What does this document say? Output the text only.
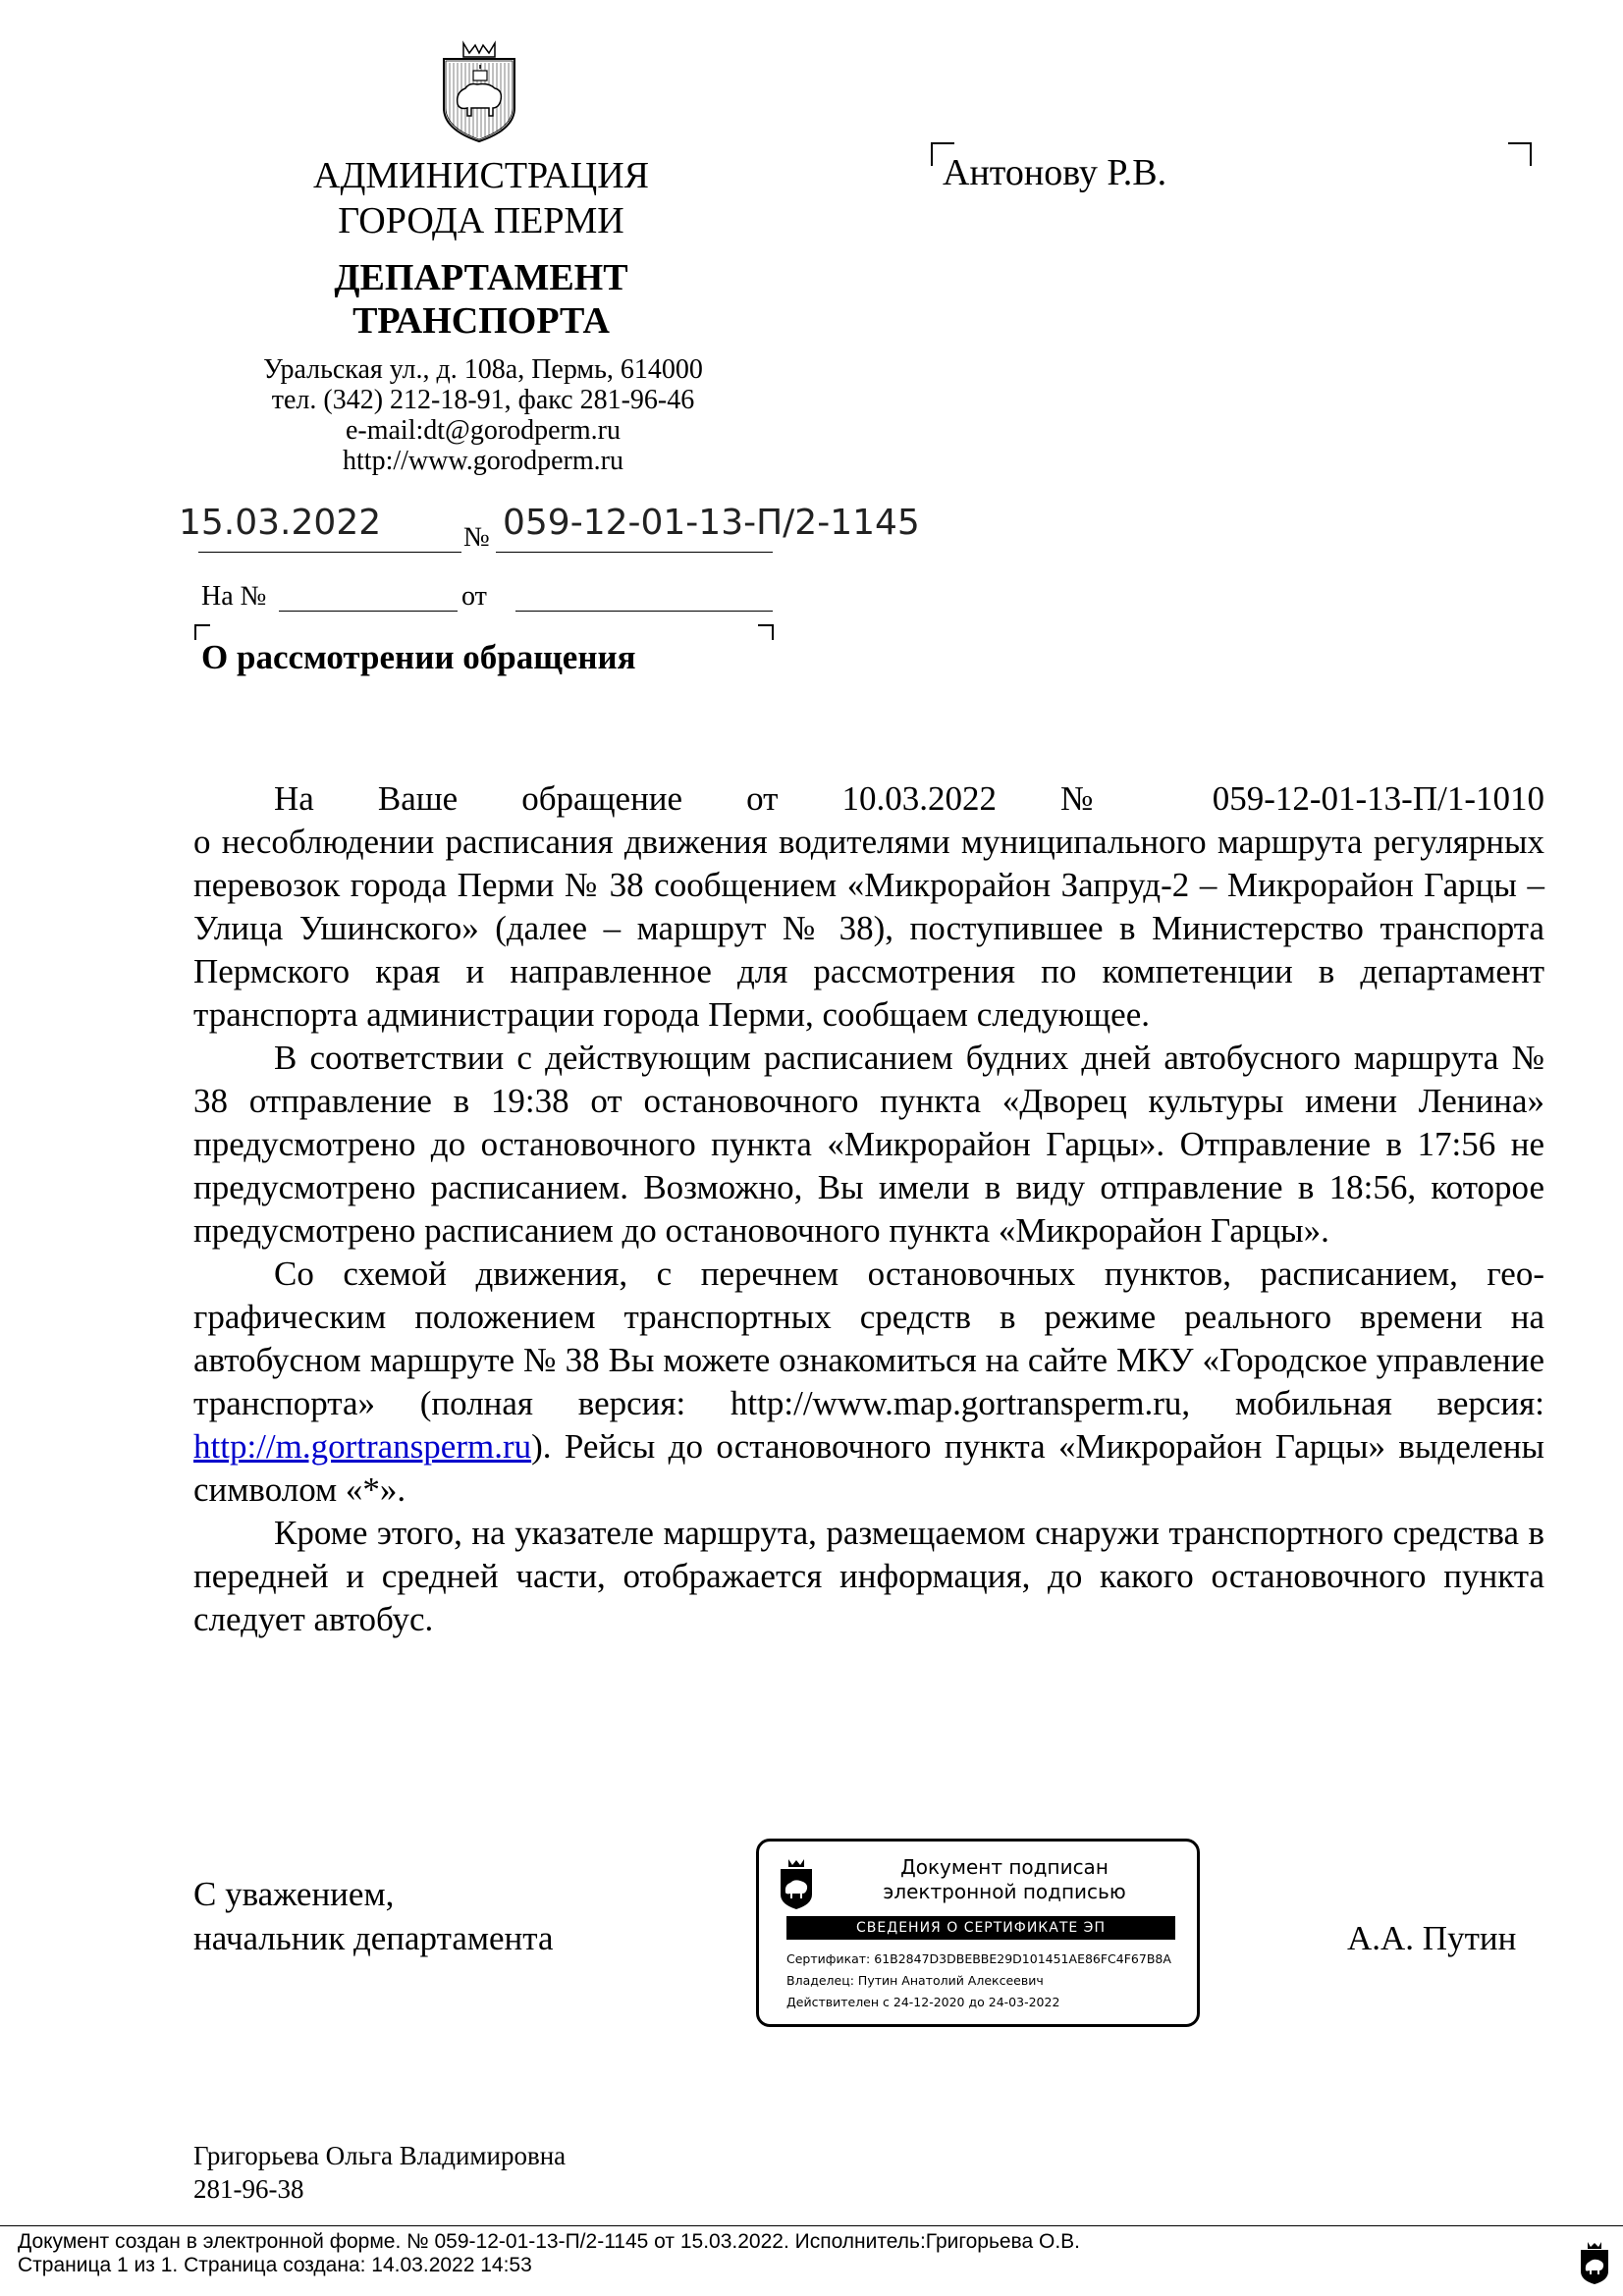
АДМИНИСТРАЦИЯ
ГОРОДА ПЕРМИ
ДЕПАРТАМЕНТ
ТРАНСПОРТА
Уральская ул., д. 108а, Пермь, 614000
тел. (342) 212-18-91, факс 281-96-46
e-mail:dt@gorodperm.ru
http://www.gorodperm.ru
Антонову Р.В.
15.03.2022	№ 059-12-01-13-П/2-1145
На №	от
О рассмотрении обращения

На Ваше обращение от 10.03.2022 № 059-12-01-13-П/1-1010

о несоблюдении расписания движения водителями муниципального маршрута регулярных перевозок города Перми № 38 сообщением «Микрорайон Запруд-2 – Микрорайон Гарцы – Улица Ушинского» (далее – маршрут № 38), поступившее в Министерство транспорта Пермского края и направленное для рассмотрения по компетенции в департамент транспорта администрации города Перми, сообщаем следующее.

В соответствии с действующим расписанием будних дней автобусного маршрута № 38 отправление в 19:38 от остановочного пункта «Дворец культуры имени Ленина» предусмотрено до остановочного пункта «Микрорайон Гарцы». Отправление в 17:56 не предусмотрено расписанием. Возможно, Вы имели в виду отправление в 18:56, которое предусмотрено расписанием до остановочного пункта «Микрорайон Гарцы».

Со схемой движения, с перечнем остановочных пунктов, расписанием, географическим положением транспортных средств в режиме реального времени на автобусном маршруте № 38 Вы можете ознакомиться на сайте МКУ «Городское управление транспорта» (полная версия: http://www.map.gortransperm.ru, мобильная версия: http://m.gortransperm.ru). Рейсы до остановочного пункта «Микрорайон Гарцы» выделены символом «*».

Кроме этого, на указателе маршрута, размещаемом снаружи транспортного средства в передней и средней части, отображается информация, до какого остановочного пункта следует автобус.

С уважением,
начальник департамента	А.А. Путин
Документ подписан
электронной подписью
СВЕДЕНИЯ О СЕРТИФИКАТЕ ЭП
Сертификат: 61B2847D3DBEBBE29D101451AE86FC4F67B8A
Владелец: Путин Анатолий Алексеевич
Действителен с 24-12-2020 до 24-03-2022
Григорьева Ольга Владимировна
281-96-38
Документ создан в электронной форме. № 059-12-01-13-П/2-1145 от 15.03.2022. Исполнитель:Григорьева О.В.
Страница 1 из 1. Страница создана: 14.03.2022 14:53
